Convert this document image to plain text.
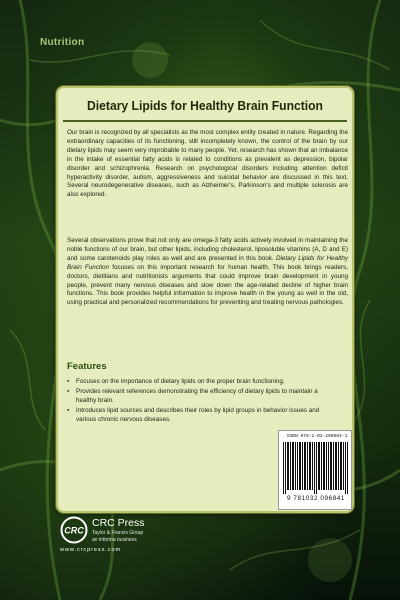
Nutrition
Dietary Lipids for Healthy Brain Function

Our brain is recognized by all specialists as the most complex entity created in nature. Regarding the extraordinary capacities of its functioning, still incompletely known, the control of the brain by our dietary lipids may seem very improbable to many people. Yet, research has shown that an imbalance in the intake of essential fatty acids is related to conditions as prevalent as depression, bipolar disorder and schizophrenia. Research on psychological disorders including attention deficit hyperactivity disorder, autism, aggressiveness and suicidal behavior are discussed in this text. Several neurodegenerative diseases, such as Alzheimer's, Parkinson's and multiple sclerosis are also explored.

Several observations prove that not only are omega-3 fatty acids actively involved in maintaining the noble functions of our brain, but other lipids, including cholesterol, liposoluble vitamins (A, D and E) and some carotenoids play roles as well and are presented in this book. Dietary Lipids for Healthy Brain Function focuses on this important research for human health. This book brings readers, doctors, dietitians and nutritionists arguments that could improve brain development in young people, prevent many nervous diseases and slow down the age-related decline of higher brain functions. This book provides helpful information to improve health in the young as well in the old, using practical and personalized recommendations for preventing and treating nervous pathologies.

Features
▪ Focuses on the importance of dietary lipids on the proper brain functioning.
▪ Provides relevant references demonstrating the efficiency of dietary lipids to maintain a healthy brain.
▪ Introduces lipid sources and describes their roles by lipid groups in behavior issues and various chronic nervous diseases.
ISBN 978-1-03-209684-1
9 781032 096841
CRC
CRC Press
Taylor & Francis Group
an informa business
www.crcpress.com
